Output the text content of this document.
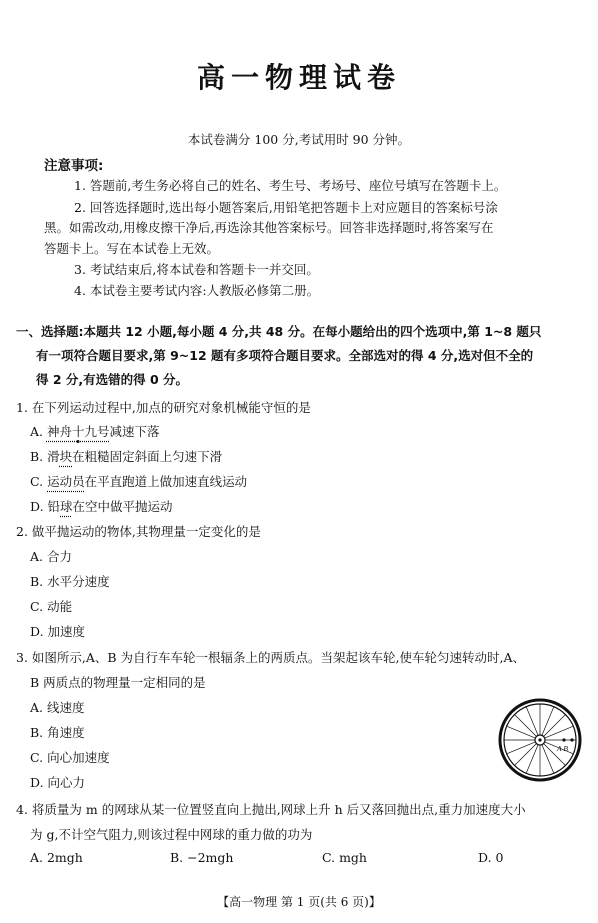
高一物理试卷
本试卷满分 100 分,考试用时 90 分钟。
注意事项:
1. 答题前,考生务必将自己的姓名、考生号、考场号、座位号填写在答题卡上。
2. 回答选择题时,选出每小题答案后,用铅笔把答题卡上对应题目的答案标号涂
黑。如需改动,用橡皮擦干净后,再选涂其他答案标号。回答非选择题时,将答案写在
答题卡上。写在本试卷上无效。
3. 考试结束后,将本试卷和答题卡一并交回。
4. 本试卷主要考试内容:人教版必修第二册。
一、选择题:本题共 12 小题,每小题 4 分,共 48 分。在每小题给出的四个选项中,第 1~8 题只
有一项符合题目要求,第 9~12 题有多项符合题目要求。全部选对的得 4 分,选对但不全的
得 2 分,有选错的得 0 分。
1. 在下列运动过程中,加点的研究对象机械能守恒的是
A. 神舟十九号减速下落
B. 滑块在粗糙固定斜面上匀速下滑
C. 运动员在平直跑道上做加速直线运动
D. 铅球在空中做平抛运动
2. 做平抛运动的物体,其物理量一定变化的是
A. 合力
B. 水平分速度
C. 动能
D. 加速度
3. 如图所示,A、B 为自行车车轮一根辐条上的两质点。当架起该车轮,使车轮匀速转动时,A、
B 两质点的物理量一定相同的是
A. 线速度
B. 角速度
C. 向心加速度
D. 向心力
A B
4. 将质量为 m 的网球从某一位置竖直向上抛出,网球上升 h 后又落回抛出点,重力加速度大小
为 g,不计空气阻力,则该过程中网球的重力做的功为
A. 2mgh	B. −2mgh	C. mgh	D. 0
【高一物理 第 1 页(共 6 页)】
